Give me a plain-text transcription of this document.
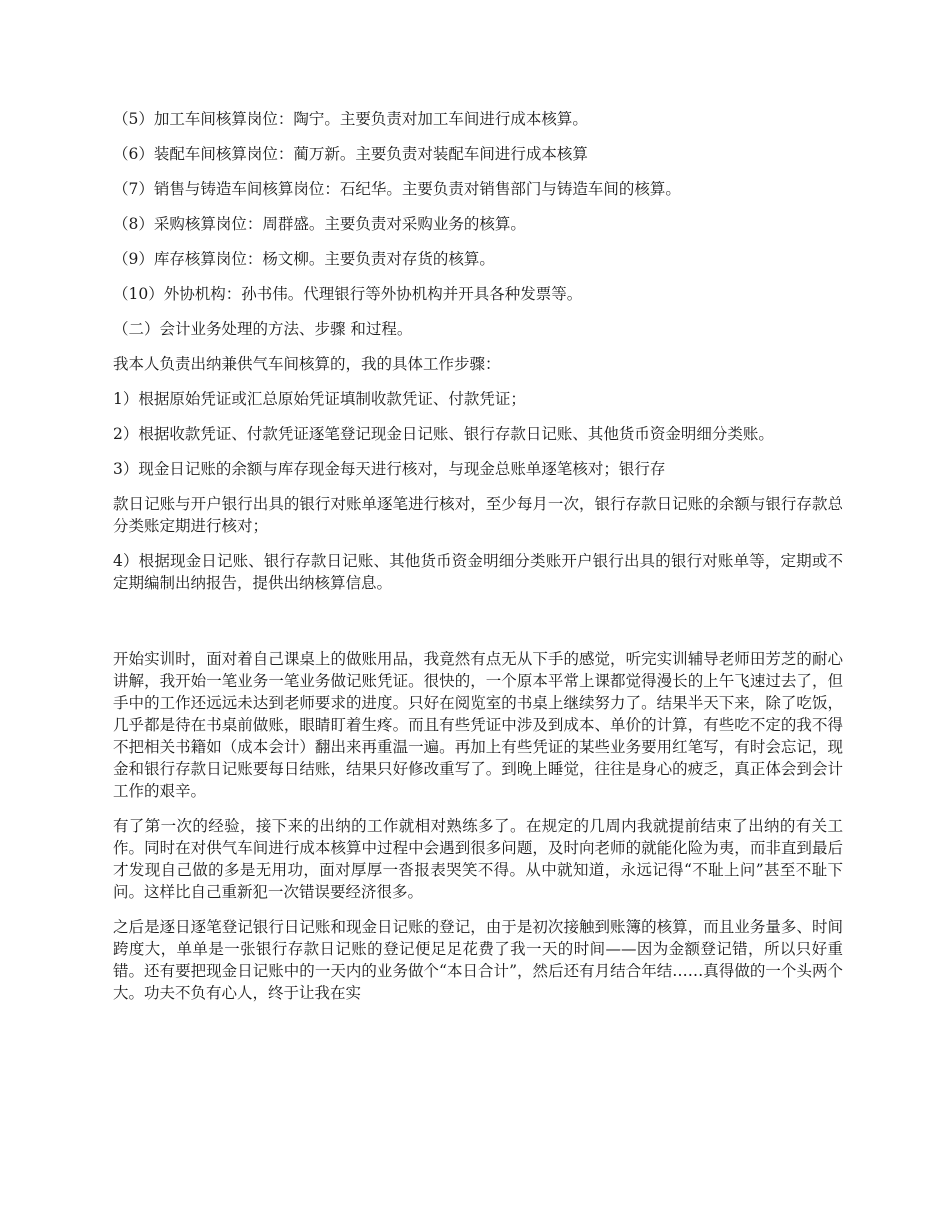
（5）加工车间核算岗位：陶宁。主要负责对加工车间进行成本核算。

（6）装配车间核算岗位：蔺万新。主要负责对装配车间进行成本核算

（7）销售与铸造车间核算岗位：石纪华。主要负责对销售部门与铸造车间的核算。

（8）采购核算岗位：周群盛。主要负责对采购业务的核算。

（9）库存核算岗位：杨文柳。主要负责对存货的核算。

（10）外协机构：孙书伟。代理银行等外协机构并开具各种发票等。

（二）会计业务处理的方法、步骤 和过程。

我本人负责出纳兼供气车间核算的，我的具体工作步骤：

1）根据原始凭证或汇总原始凭证填制收款凭证、付款凭证；

2）根据收款凭证、付款凭证逐笔登记现金日记账、银行存款日记账、其他货币资金明细分类账。

3）现金日记账的余额与库存现金每天进行核对，与现金总账单逐笔核对；银行存

款日记账与开户银行出具的银行对账单逐笔进行核对，至少每月一次，银行存款日记账的余额与银行存款总分类账定期进行核对；

4）根据现金日记账、银行存款日记账、其他货币资金明细分类账开户银行出具的银行对账单等，定期或不定期编制出纳报告，提供出纳核算信息。

开始实训时，面对着自己课桌上的做账用品，我竟然有点无从下手的感觉，听完实训辅导老师田芳芝的耐心讲解，我开始一笔业务一笔业务做记账凭证。很快的，一个原本平常上课都觉得漫长的上午飞速过去了，但手中的工作还远远未达到老师要求的进度。只好在阅览室的书桌上继续努力了。结果半天下来，除了吃饭，几乎都是待在书桌前做账，眼睛盯着生疼。而且有些凭证中涉及到成本、单价的计算，有些吃不定的我不得不把相关书籍如（成本会计）翻出来再重温一遍。再加上有些凭证的某些业务要用红笔写，有时会忘记，现金和银行存款日记账要每日结账，结果只好修改重写了。到晚上睡觉，往往是身心的疲乏，真正体会到会计工作的艰辛。

有了第一次的经验，接下来的出纳的工作就相对熟练多了。在规定的几周内我就提前结束了出纳的有关工作。同时在对供气车间进行成本核算中过程中会遇到很多问题，及时向老师的就能化险为夷，而非直到最后才发现自己做的多是无用功，面对厚厚一沓报表哭笑不得。从中就知道，永远记得“不耻上问”甚至不耻下问。这样比自己重新犯一次错误要经济很多。

之后是逐日逐笔登记银行日记账和现金日记账的登记，由于是初次接触到账簿的核算，而且业务量多、时间跨度大，单单是一张银行存款日记账的登记便足足花费了我一天的时间——因为金额登记错，所以只好重错。还有要把现金日记账中的一天内的业务做个“本日合计”，然后还有月结合年结……真得做的一个头两个大。功夫不负有心人，终于让我在实
